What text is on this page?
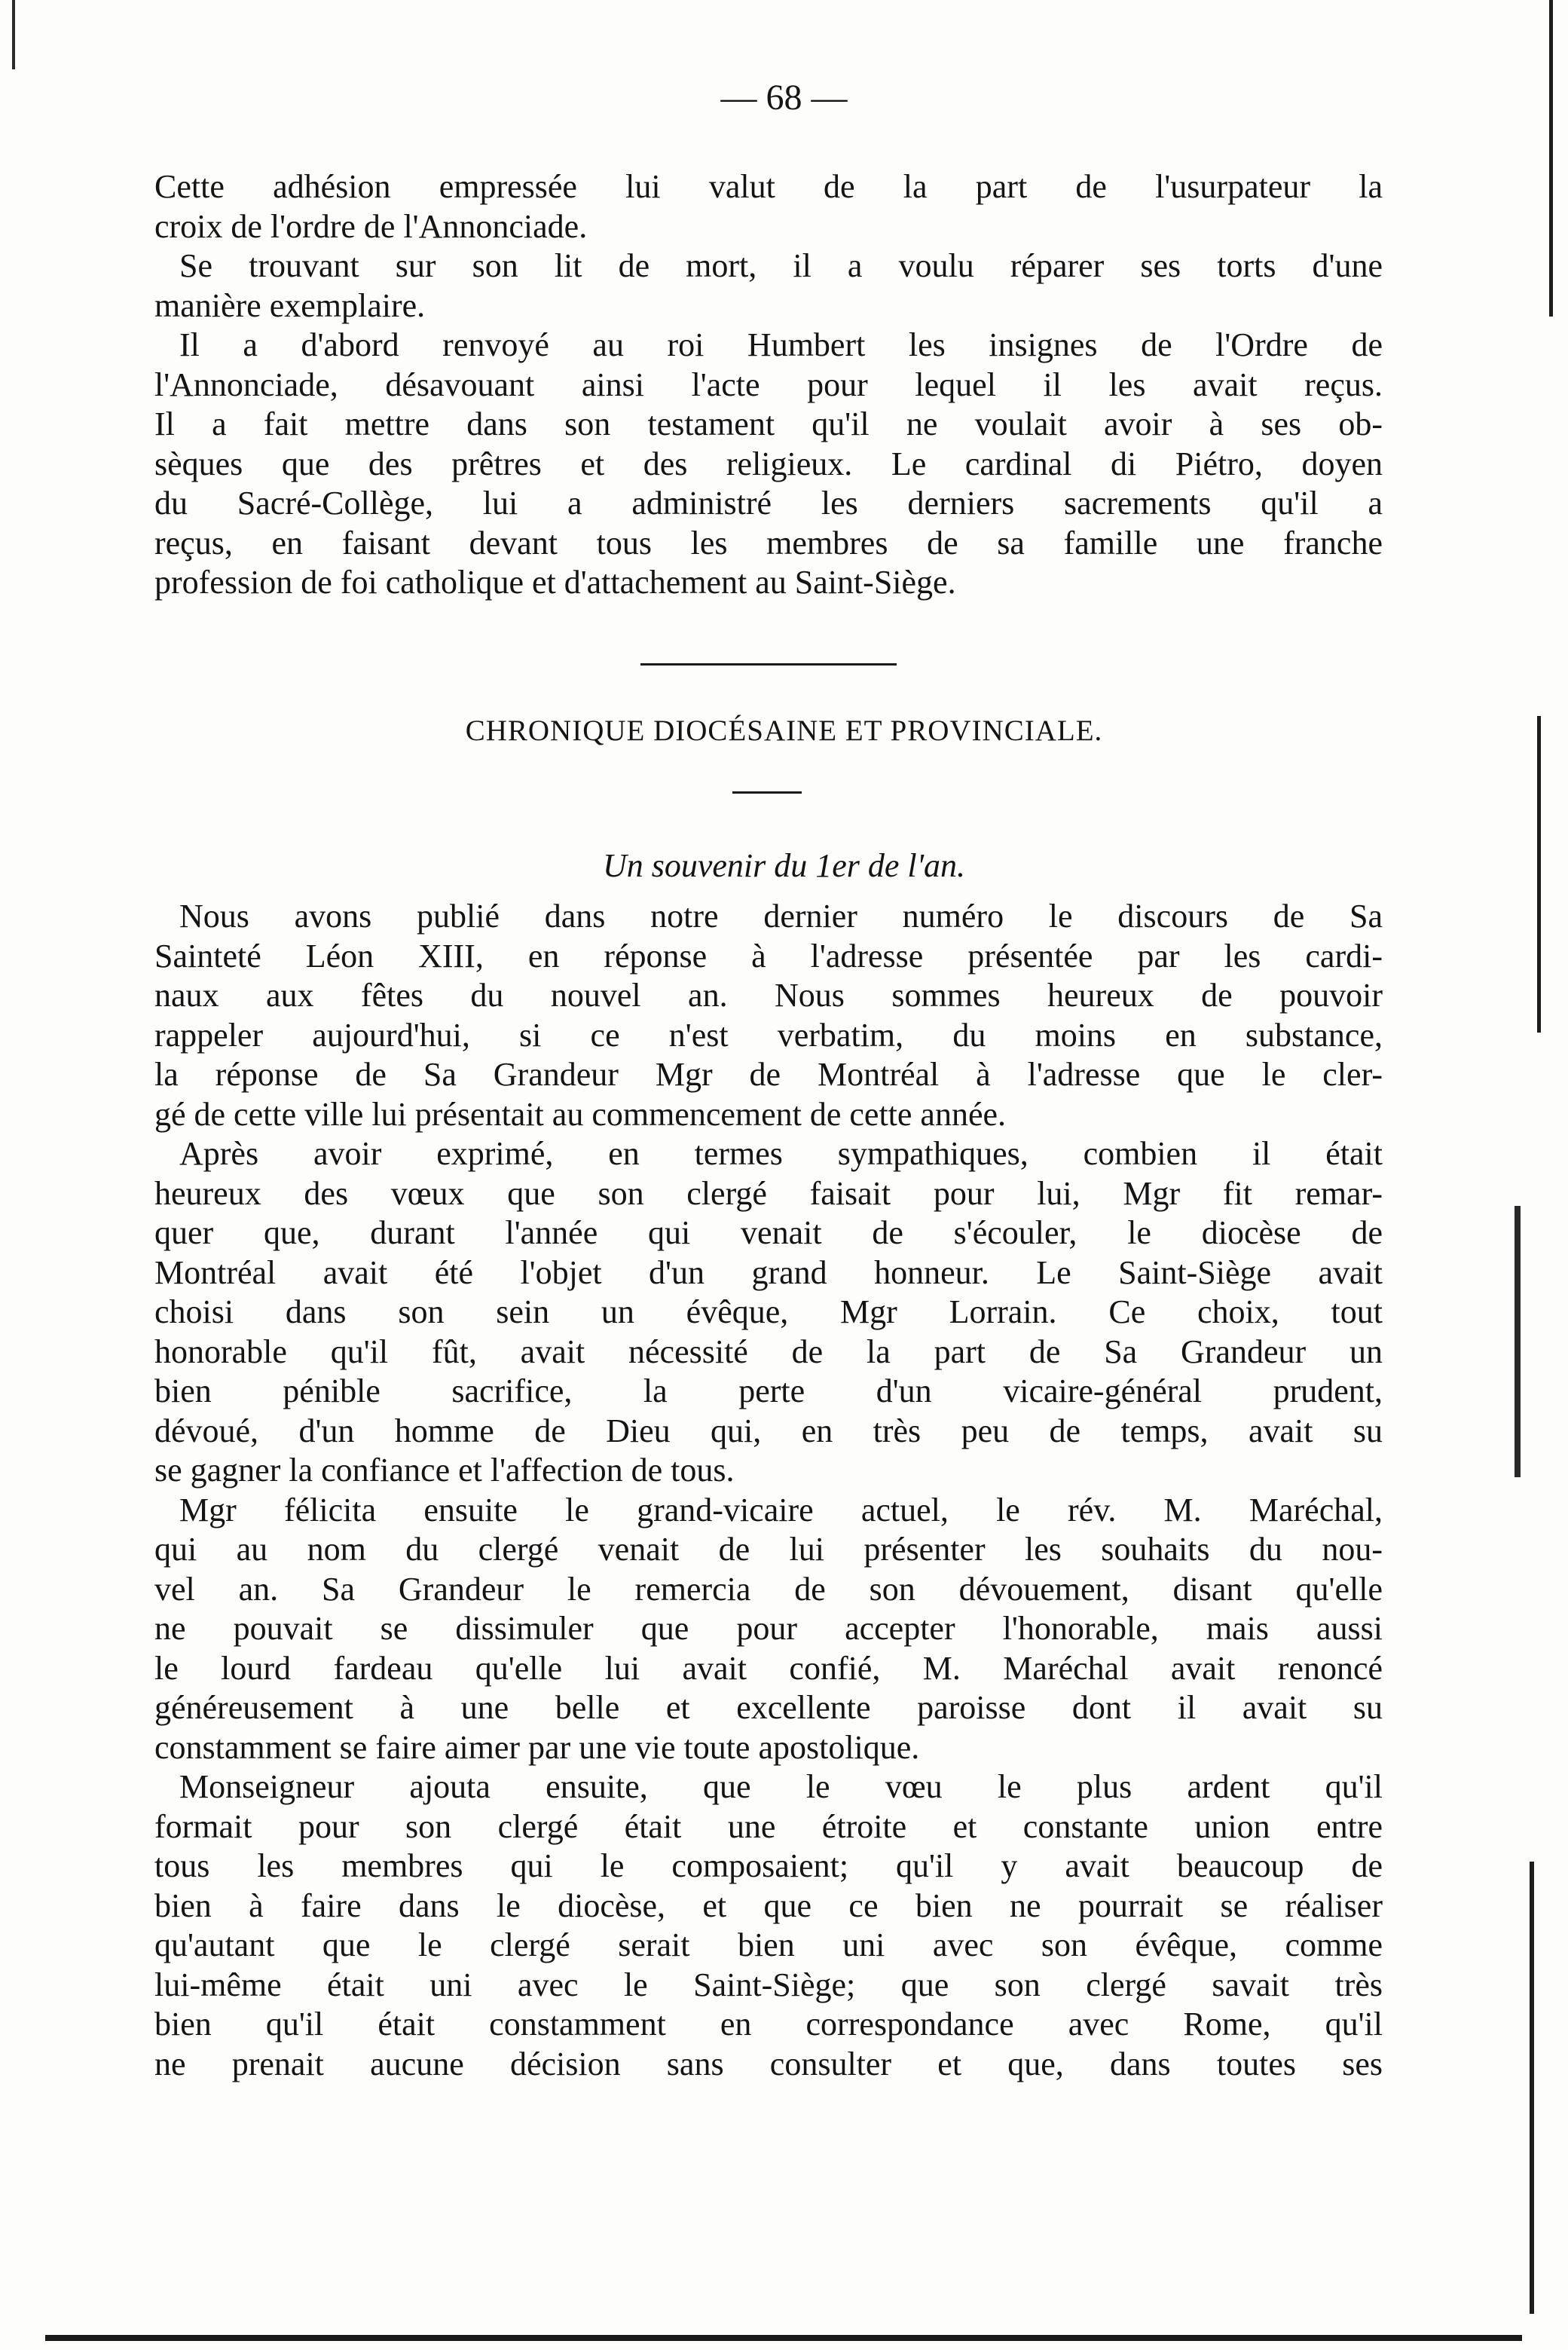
— 68 —
Cette adhésion empressée lui valut de la part de l'usurpateur la
croix de l'ordre de l'Annonciade.
Se trouvant sur son lit de mort, il a voulu réparer ses torts d'une
manière exemplaire.
Il a d'abord renvoyé au roi Humbert les insignes de l'Ordre de
l'Annonciade, désavouant ainsi l'acte pour lequel il les avait reçus.
Il a fait mettre dans son testament qu'il ne voulait avoir à ses ob-
sèques que des prêtres et des religieux. Le cardinal di Piétro, doyen
du Sacré-Collège, lui a administré les derniers sacrements qu'il a
reçus, en faisant devant tous les membres de sa famille une franche
profession de foi catholique et d'attachement au Saint-Siège.
CHRONIQUE DIOCÉSAINE ET PROVINCIALE.
Un souvenir du 1er de l'an.
Nous avons publié dans notre dernier numéro le discours de Sa
Sainteté Léon XIII, en réponse à l'adresse présentée par les cardi-
naux aux fêtes du nouvel an. Nous sommes heureux de pouvoir
rappeler aujourd'hui, si ce n'est verbatim, du moins en substance,
la réponse de Sa Grandeur Mgr de Montréal à l'adresse que le cler-
gé de cette ville lui présentait au commencement de cette année.
Après avoir exprimé, en termes sympathiques, combien il était
heureux des vœux que son clergé faisait pour lui, Mgr fit remar-
quer que, durant l'année qui venait de s'écouler, le diocèse de
Montréal avait été l'objet d'un grand honneur. Le Saint-Siège avait
choisi dans son sein un évêque, Mgr Lorrain. Ce choix, tout
honorable qu'il fût, avait nécessité de la part de Sa Grandeur un
bien pénible sacrifice, la perte d'un vicaire-général prudent,
dévoué, d'un homme de Dieu qui, en très peu de temps, avait su
se gagner la confiance et l'affection de tous.
Mgr félicita ensuite le grand-vicaire actuel, le rév. M. Maréchal,
qui au nom du clergé venait de lui présenter les souhaits du nou-
vel an. Sa Grandeur le remercia de son dévouement, disant qu'elle
ne pouvait se dissimuler que pour accepter l'honorable, mais aussi
le lourd fardeau qu'elle lui avait confié, M. Maréchal avait renoncé
généreusement à une belle et excellente paroisse dont il avait su
constamment se faire aimer par une vie toute apostolique.
Monseigneur ajouta ensuite, que le vœu le plus ardent qu'il
formait pour son clergé était une étroite et constante union entre
tous les membres qui le composaient; qu'il y avait beaucoup de
bien à faire dans le diocèse, et que ce bien ne pourrait se réaliser
qu'autant que le clergé serait bien uni avec son évêque, comme
lui-même était uni avec le Saint-Siège; que son clergé savait très
bien qu'il était constamment en correspondance avec Rome, qu'il
ne prenait aucune décision sans consulter et que, dans toutes ses
